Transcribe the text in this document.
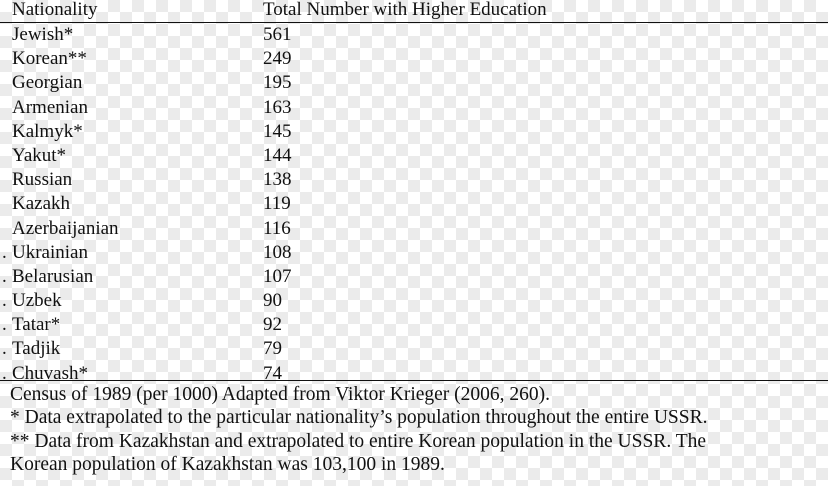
Nationality	Total Number with Higher Education
Jewish*	561
Korean**	249
Georgian	195
Armenian	163
Kalmyk*	145
Yakut*	144
Russian	138
Kazakh	119
Azerbaijanian	116
. Ukrainian	108
. Belarusian	107
. Uzbek	90
. Tatar*	92
. Tadjik	79
. Chuvash*	74
Census of 1989 (per 1000) Adapted from Viktor Krieger (2006, 260).
* Data extrapolated to the particular nationality’s population throughout the entire USSR.
** Data from Kazakhstan and extrapolated to entire Korean population in the USSR. The
Korean population of Kazakhstan was 103,100 in 1989.
